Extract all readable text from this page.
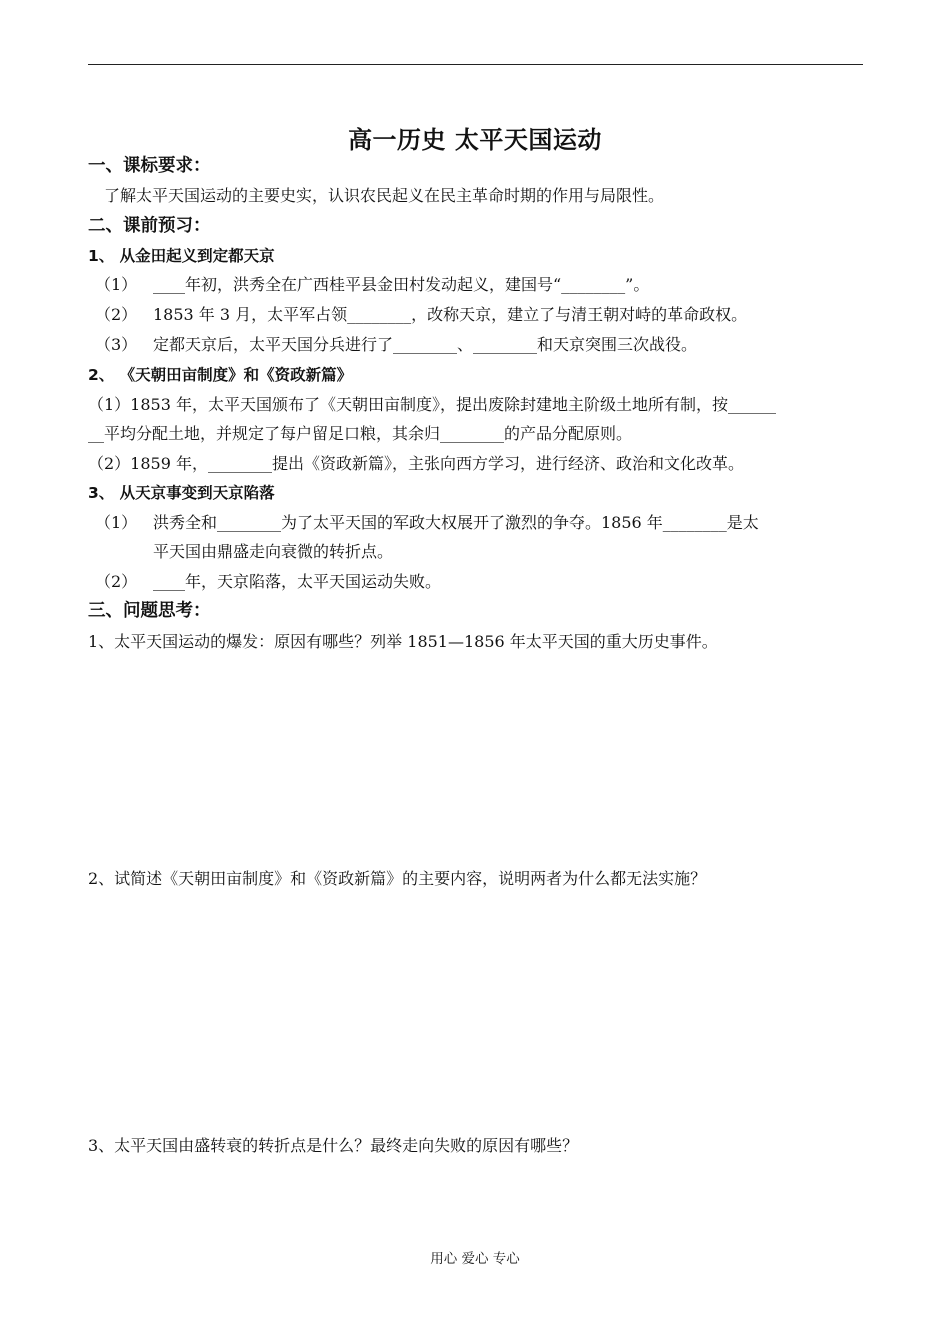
高一历史 太平天国运动
一、课标要求：
了解太平天国运动的主要史实，认识农民起义在民主革命时期的作用与局限性。
二、课前预习：
1、 从金田起义到定都天京
（1） ____年初，洪秀全在广西桂平县金田村发动起义，建国号“________”。
（2） 1853 年 3 月，太平军占领________，改称天京，建立了与清王朝对峙的革命政权。
（3） 定都天京后，太平天国分兵进行了________、________和天京突围三次战役。
2、 《天朝田亩制度》和《资政新篇》
（1）1853 年，太平天国颁布了《天朝田亩制度》，提出废除封建地主阶级土地所有制，按______
__平均分配土地，并规定了每户留足口粮，其余归________的产品分配原则。
（2）1859 年，________提出《资政新篇》，主张向西方学习，进行经济、政治和文化改革。
3、 从天京事变到天京陷落
（1） 洪秀全和________为了太平天国的军政大权展开了激烈的争夺。1856 年________是太
平天国由鼎盛走向衰微的转折点。
（2） ____年，天京陷落，太平天国运动失败。
三、问题思考：
1、太平天国运动的爆发：原因有哪些？列举 1851—1856 年太平天国的重大历史事件。
2、试简述《天朝田亩制度》和《资政新篇》的主要内容，说明两者为什么都无法实施？
3、太平天国由盛转衰的转折点是什么？最终走向失败的原因有哪些？
用心 爱心 专心
